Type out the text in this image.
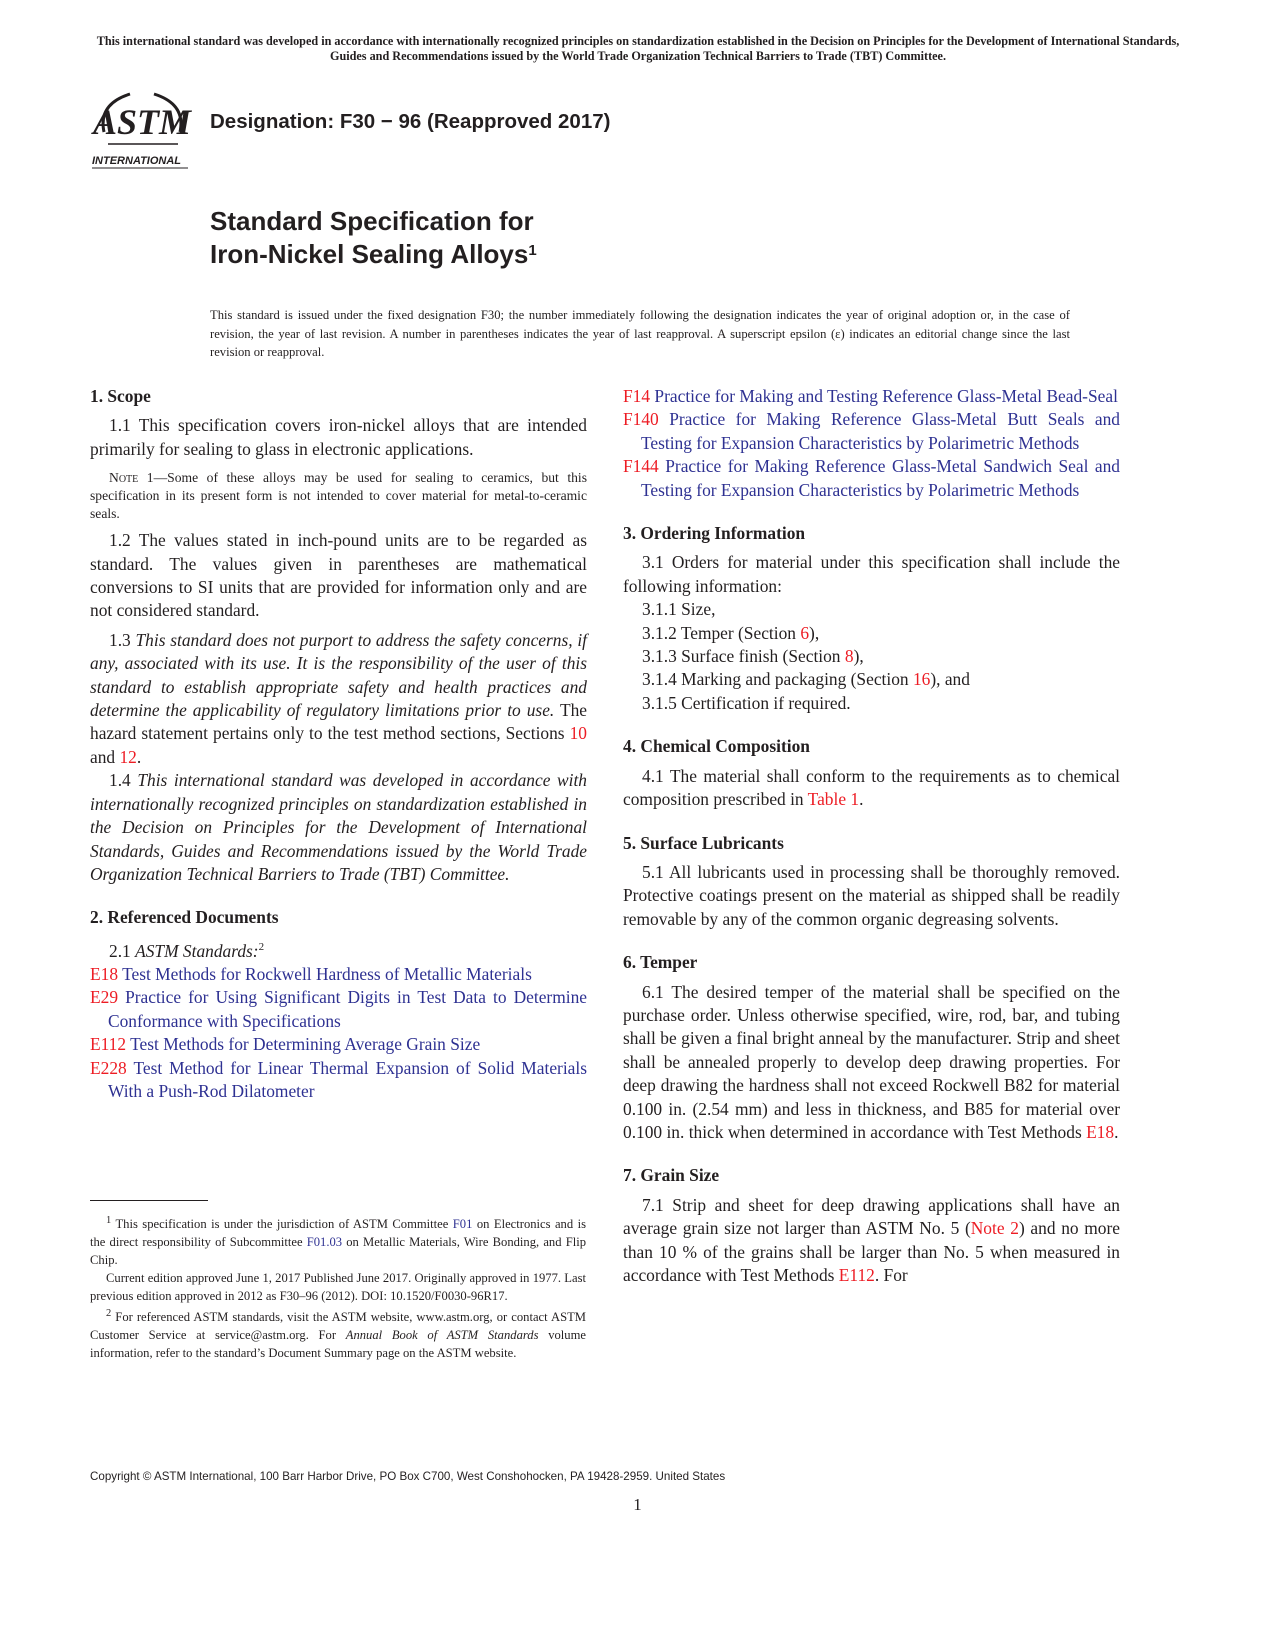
This international standard was developed in accordance with internationally recognized principles on standardization established in the Decision on Principles for the Development of International Standards, Guides and Recommendations issued by the World Trade Organization Technical Barriers to Trade (TBT) Committee.
ASTM
INTERNATIONAL
Designation: F30 − 96 (Reapproved 2017)
Standard Specification for
Iron-Nickel Sealing Alloys$^1$
This standard is issued under the fixed designation F30; the number immediately following the designation indicates the year of original adoption or, in the case of revision, the year of last revision. A number in parentheses indicates the year of last reapproval. A superscript epsilon (ε) indicates an editorial change since the last revision or reapproval.

1. Scope

1.1 This specification covers iron-nickel alloys that are intended primarily for sealing to glass in electronic applications.

Note 1—Some of these alloys may be used for sealing to ceramics, but this specification in its present form is not intended to cover material for metal-to-ceramic seals.

1.2 The values stated in inch-pound units are to be regarded as standard. The values given in parentheses are mathematical conversions to SI units that are provided for information only and are not considered standard.

1.3 This standard does not purport to address the safety concerns, if any, associated with its use. It is the responsibility of the user of this standard to establish appropriate safety and health practices and determine the applicability of regulatory limitations prior to use. The hazard statement pertains only to the test method sections, Sections 10 and 12.

1.4 This international standard was developed in accordance with internationally recognized principles on standardization established in the Decision on Principles for the Development of International Standards, Guides and Recommendations issued by the World Trade Organization Technical Barriers to Trade (TBT) Committee.

2. Referenced Documents

2.1 ASTM Standards:$^2$

E18 Test Methods for Rockwell Hardness of Metallic Materials

E29 Practice for Using Significant Digits in Test Data to Determine Conformance with Specifications

E112 Test Methods for Determining Average Grain Size

E228 Test Method for Linear Thermal Expansion of Solid Materials With a Push-Rod Dilatometer

$^1$ This specification is under the jurisdiction of ASTM Committee F01 on Electronics and is the direct responsibility of Subcommittee F01.03 on Metallic Materials, Wire Bonding, and Flip Chip.

Current edition approved June 1, 2017 Published June 2017. Originally approved in 1977. Last previous edition approved in 2012 as F30–96 (2012). DOI: 10.1520/F0030-96R17.

$^2$ For referenced ASTM standards, visit the ASTM website, www.astm.org, or contact ASTM Customer Service at service@astm.org. For Annual Book of ASTM Standards volume information, refer to the standard’s Document Summary page on the ASTM website.

F14 Practice for Making and Testing Reference Glass-Metal Bead-Seal

F140 Practice for Making Reference Glass-Metal Butt Seals and Testing for Expansion Characteristics by Polarimetric Methods

F144 Practice for Making Reference Glass-Metal Sandwich Seal and Testing for Expansion Characteristics by Polarimetric Methods

3. Ordering Information

3.1 Orders for material under this specification shall include the following information:

3.1.1 Size,

3.1.2 Temper (Section 6),

3.1.3 Surface finish (Section 8),

3.1.4 Marking and packaging (Section 16), and

3.1.5 Certification if required.

4. Chemical Composition

4.1 The material shall conform to the requirements as to chemical composition prescribed in Table 1.

5. Surface Lubricants

5.1 All lubricants used in processing shall be thoroughly removed. Protective coatings present on the material as shipped shall be readily removable by any of the common organic degreasing solvents.

6. Temper

6.1 The desired temper of the material shall be specified on the purchase order. Unless otherwise specified, wire, rod, bar, and tubing shall be given a final bright anneal by the manufacturer. Strip and sheet shall be annealed properly to develop deep drawing properties. For deep drawing the hardness shall not exceed Rockwell B82 for material 0.100 in. (2.54 mm) and less in thickness, and B85 for material over 0.100 in. thick when determined in accordance with Test Methods E18.

7. Grain Size

7.1 Strip and sheet for deep drawing applications shall have an average grain size not larger than ASTM No. 5 (Note 2) and no more than 10 % of the grains shall be larger than No. 5 when measured in accordance with Test Methods E112. For

Copyright © ASTM International, 100 Barr Harbor Drive, PO Box C700, West Conshohocken, PA 19428-2959. United States
1
